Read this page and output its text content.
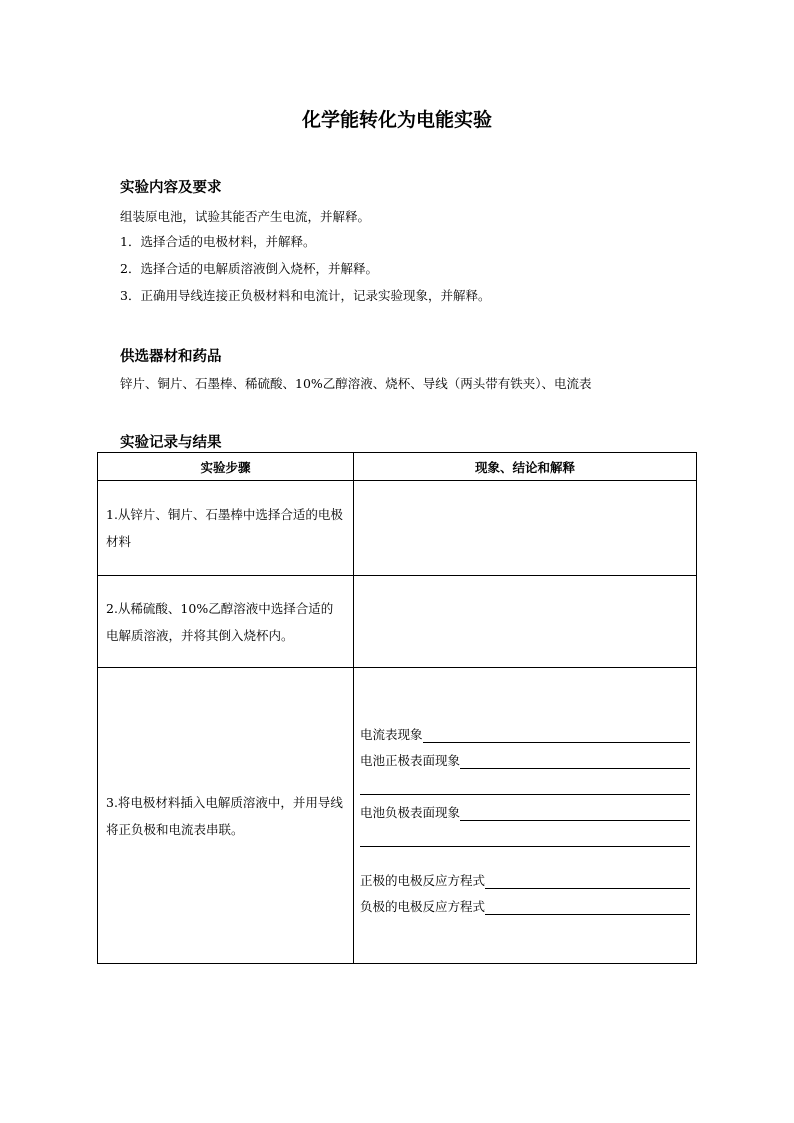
化学能转化为电能实验
实验内容及要求
组装原电池，试验其能否产生电流，并解释。
1．选择合适的电极材料，并解释。
2．选择合适的电解质溶液倒入烧杯，并解释。
3．正确用导线连接正负极材料和电流计，记录实验现象，并解释。
供选器材和药品
锌片、铜片、石墨棒、稀硫酸、10%乙醇溶液、烧杯、导线（两头带有铁夹）、电流表
实验记录与结果
实验步骤	现象、结论和解释
1.从锌片、铜片、石墨棒中选择合适的电极材料	
2.从稀硫酸、10%乙醇溶液中选择合适的电解质溶液，并将其倒入烧杯内。	
3.将电极材料插入电解质溶液中，并用导线将正负极和电流表串联。	电流表现象
电池正极表面现象
电池负极表面现象
正极的电极反应方程式
负极的电极反应方程式
